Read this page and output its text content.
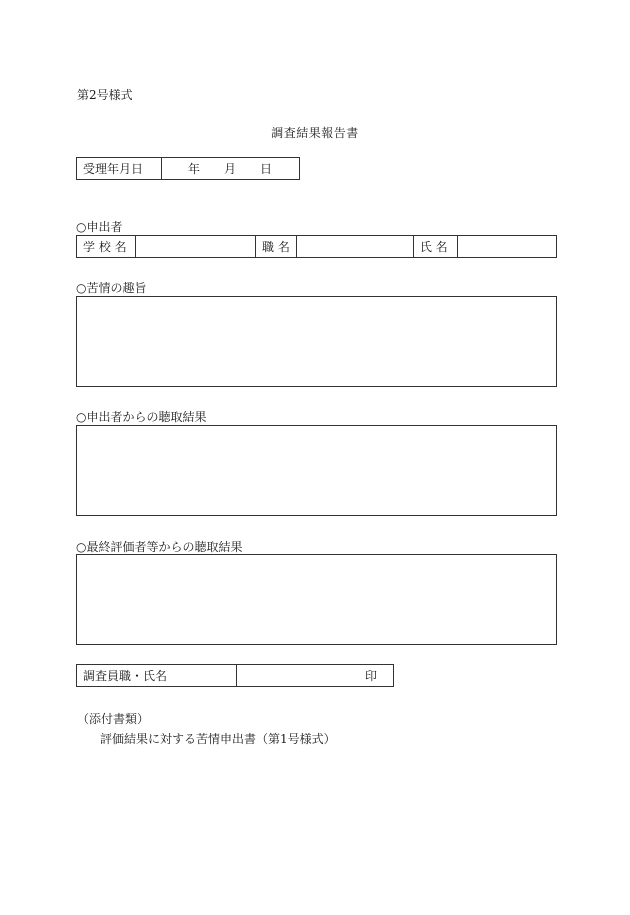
第2号様式
調査結果報告書
受理年月日	年 月 日
○申出者
学 校 名		職 名		氏 名	
○苦情の趣旨
○申出者からの聴取結果
○最終評価者等からの聴取結果
調査員職・氏名	印
（添付書類）
評価結果に対する苦情申出書（第1号様式）
